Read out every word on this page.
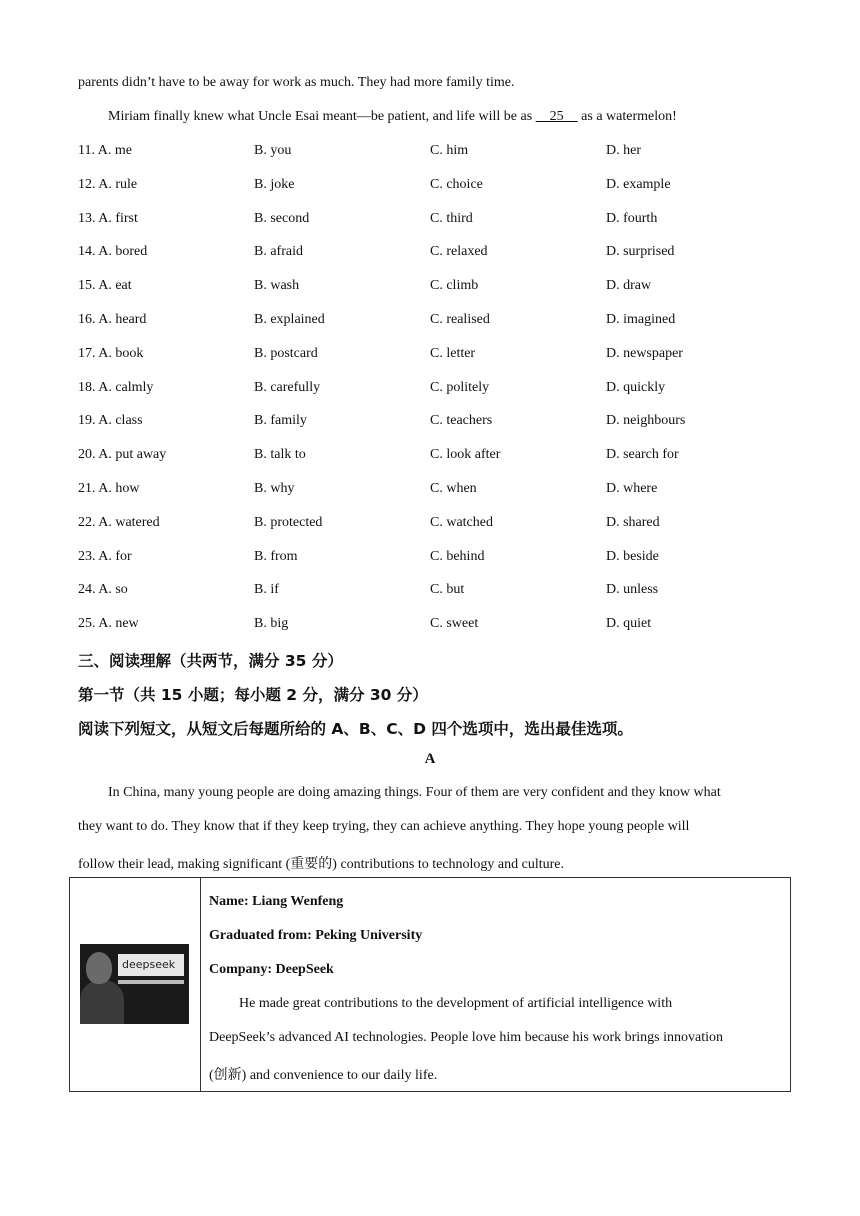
parents didn’t have to be away for work as much. They had more family time.
Miriam finally knew what Uncle Esai meant—be patient, and life will be as     25     as a watermelon!
11. A. me	B. you	C. him	D. her
12. A. rule	B. joke	C. choice	D. example
13. A. first	B. second	C. third	D. fourth
14. A. bored	B. afraid	C. relaxed	D. surprised
15. A. eat	B. wash	C. climb	D. draw
16. A. heard	B. explained	C. realised	D. imagined
17. A. book	B. postcard	C. letter	D. newspaper
18. A. calmly	B. carefully	C. politely	D. quickly
19. A. class	B. family	C. teachers	D. neighbours
20. A. put away	B. talk to	C. look after	D. search for
21. A. how	B. why	C. when	D. where
22. A. watered	B. protected	C. watched	D. shared
23. A. for	B. from	C. behind	D. beside
24. A. so	B. if	C. but	D. unless
25. A. new	B. big	C. sweet	D. quiet
三、阅读理解（共两节，满分 35 分）
第一节（共 15 小题；每小题 2 分，满分 30 分）
阅读下列短文，从短文后每题所给的 A、B、C、D 四个选项中，选出最佳选项。
A
In China, many young people are doing amazing things. Four of them are very confident and they know what
they want to do. They know that if they keep trying, they can achieve anything. They hope young people will
follow their lead, making significant (重要的) contributions to technology and culture.
deepseek

Name: Liang Wenfeng
Graduated from: Peking University
Company: DeepSeek
He made great contributions to the development of artificial intelligence with
DeepSeek’s advanced AI technologies. People love him because his work brings innovation
(创新) and convenience to our daily life.
